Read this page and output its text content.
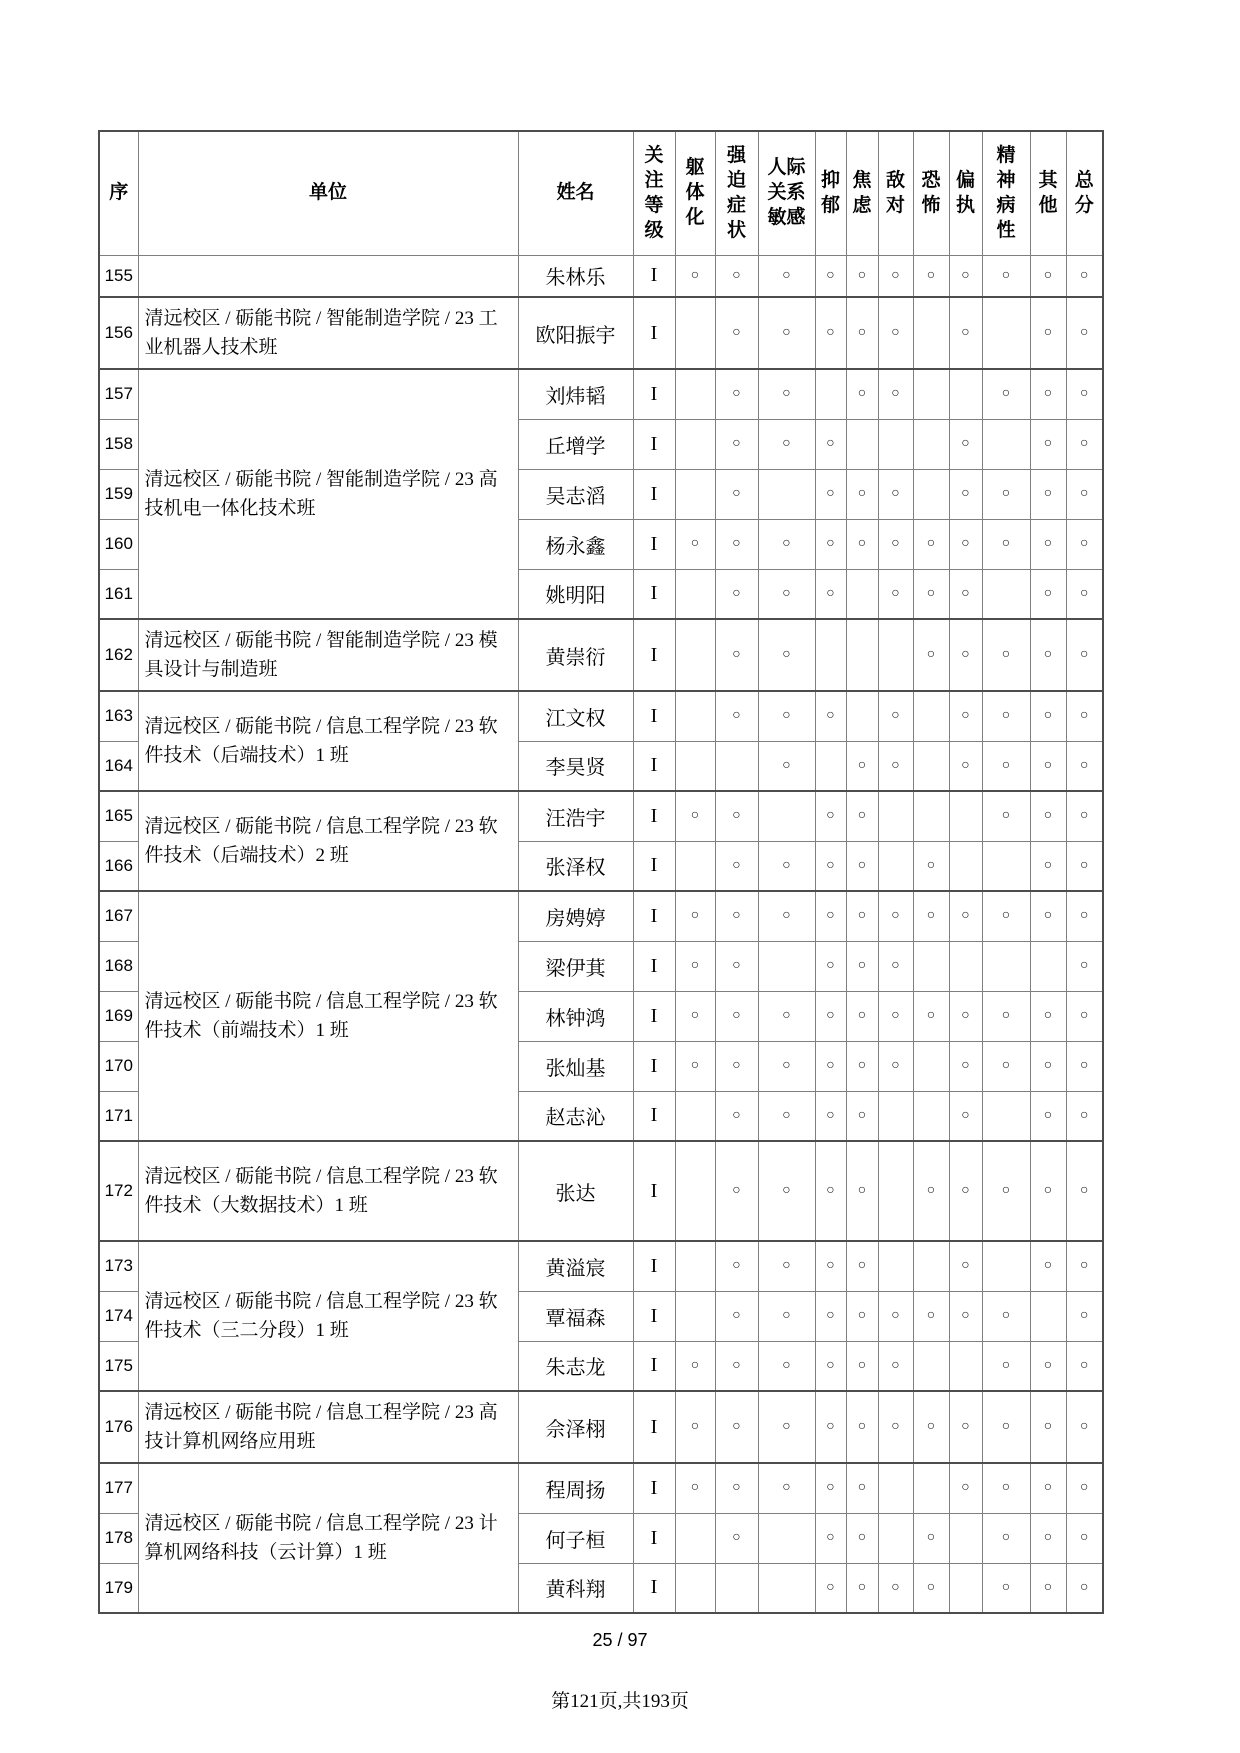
序	单位	姓名	关注等级	躯体化	强迫症状	人际关系敏感	抑郁	焦虑	敌对	恐怖	偏执	精神病性	其他	总分
155		朱林乐	I	○	○	○	○	○	○	○	○	○	○	○
156	清远校区 / 砺能书院 / 智能制造学院 / 23 工业机器人技术班	欧阳振宇	I		○	○	○	○	○		○		○	○
157	清远校区 / 砺能书院 / 智能制造学院 / 23 高技机电一体化技术班	刘炜韬	I		○	○		○	○			○	○	○
158		丘增学	I		○	○	○				○		○	○
159		吴志滔	I		○		○	○	○		○	○	○	○
160		杨永鑫	I	○	○	○	○	○	○	○	○	○	○	○
161		姚明阳	I		○	○	○		○	○	○		○	○
162	清远校区 / 砺能书院 / 智能制造学院 / 23 模具设计与制造班	黄崇衍	I		○	○				○	○	○	○	○
163	清远校区 / 砺能书院 / 信息工程学院 / 23 软件技术（后端技术）1 班	江文权	I		○	○	○		○		○	○	○	○
164		李昊贤	I			○		○	○		○	○	○	○
165	清远校区 / 砺能书院 / 信息工程学院 / 23 软件技术（后端技术）2 班	汪浩宇	I	○	○		○	○				○	○	○
166		张泽权	I		○	○	○	○		○			○	○
167	清远校区 / 砺能书院 / 信息工程学院 / 23 软件技术（前端技术）1 班	房娉婷	I	○	○	○	○	○	○	○	○	○	○	○
168		梁伊萁	I	○	○		○	○	○					○
169		林钟鸿	I	○	○	○	○	○	○	○	○	○	○	○
170		张灿基	I	○	○	○	○	○	○		○	○	○	○
171		赵志沁	I		○	○	○	○			○		○	○
172	清远校区 / 砺能书院 / 信息工程学院 / 23 软件技术（大数据技术）1 班	张达	I		○	○	○	○		○	○	○	○	○
173	清远校区 / 砺能书院 / 信息工程学院 / 23 软件技术（三二分段）1 班	黄溢宸	I		○	○	○	○			○		○	○
174		覃福森	I		○	○	○	○	○	○	○	○		○
175		朱志龙	I	○	○	○	○	○	○			○	○	○
176	清远校区 / 砺能书院 / 信息工程学院 / 23 高技计算机网络应用班	佘泽栩	I	○	○	○	○	○	○	○	○	○	○	○
177	清远校区 / 砺能书院 / 信息工程学院 / 23 计算机网络科技（云计算）1 班	程周扬	I	○	○	○	○	○			○	○	○	○
178		何子桓	I		○		○	○		○		○	○	○
179		黄科翔	I				○	○	○	○		○	○	○
25 / 97
第121页,共193页
